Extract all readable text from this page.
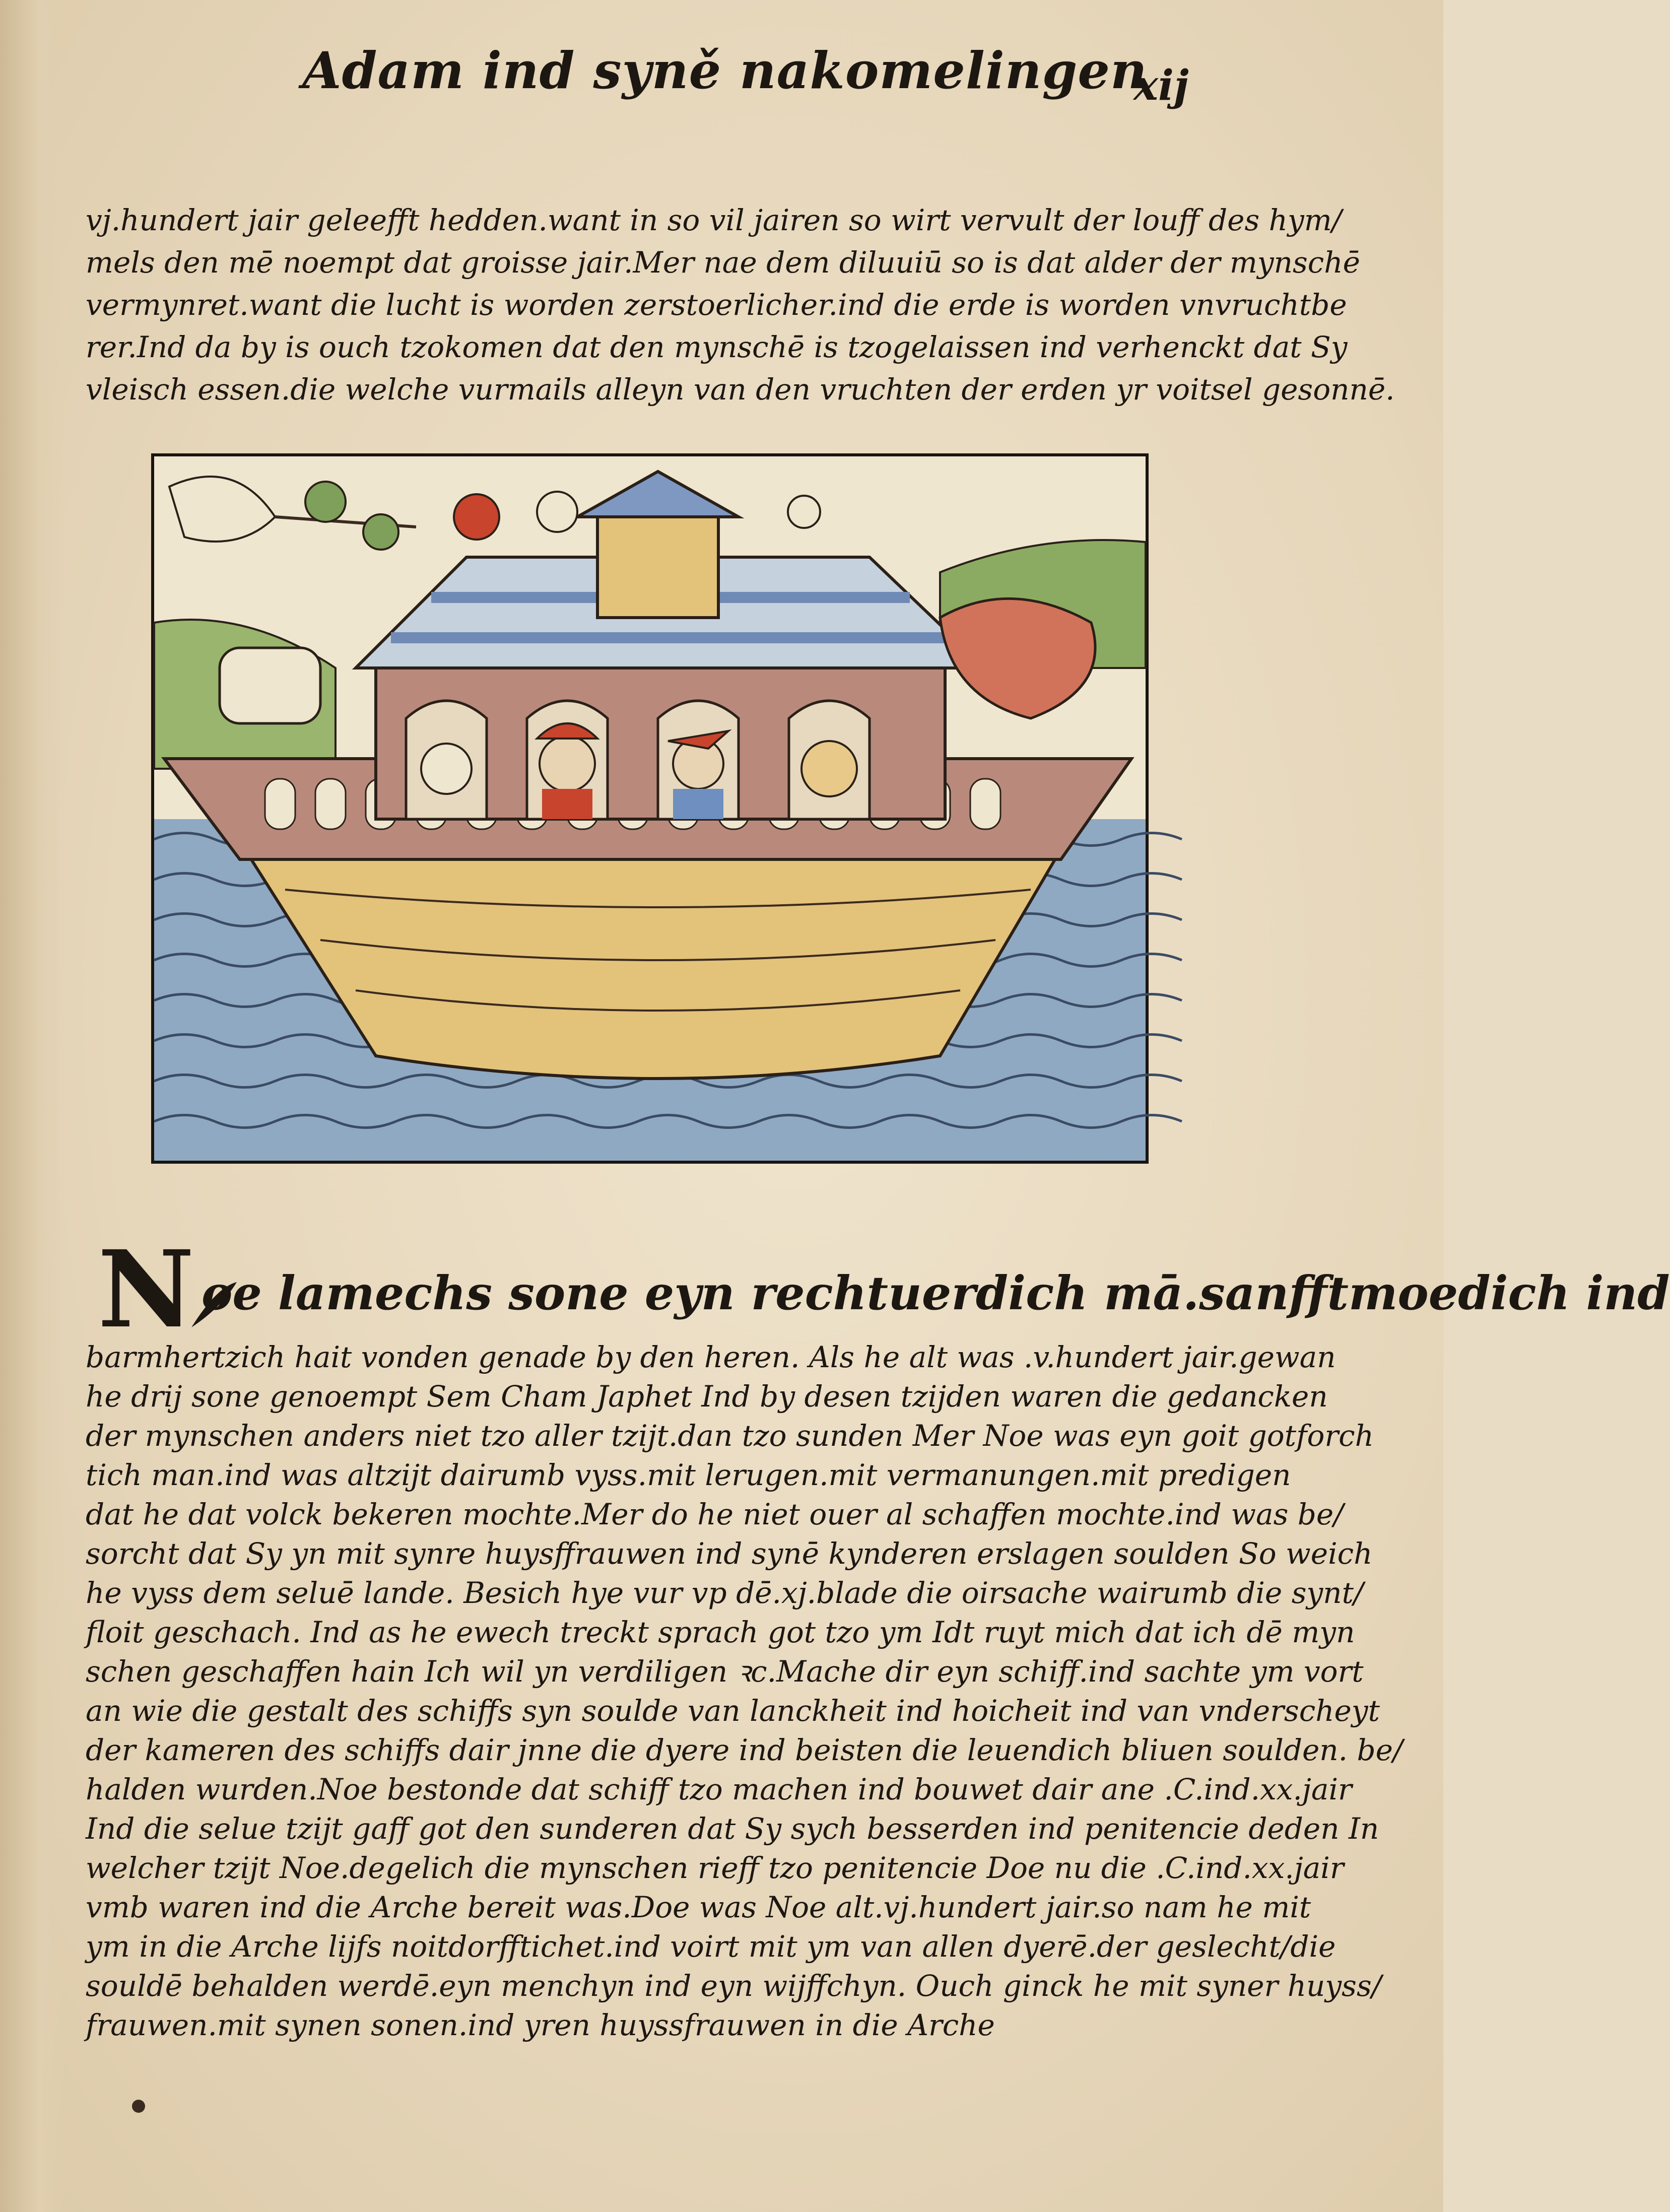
Adam ind syně nakomelingen
xij
vj.hundert jair geleefft hedden.want in so vil jairen so wirt vervult der louff des hym/
mels den mē noempt dat groisse jair.Mer nae dem diluuiū so is dat alder der mynschē
vermynret.want die lucht is worden zerstoerlicher.ind die erde is worden vnvruchtbe
rer.Ind da by is ouch tzokomen dat den mynschē is tzogelaissen ind verhenckt dat Sy
vleisch essen.die welche vurmails alleyn van den vruchten der erden yr voitsel gesonnē.
N oe lamechs sone eyn rechtuerdich mā.sanfftmoedich ind
barmhertzich hait vonden genade by den heren. Als he alt was .v.hundert jair.gewan
he drij sone genoempt Sem Cham Japhet Ind by desen tzijden waren die gedancken
der mynschen anders niet tzo aller tzijt.dan tzo sunden Mer Noe was eyn goit gotforch
tich man.ind was altzijt dairumb vyss.mit lerugen.mit vermanungen.mit predigen
dat he dat volck bekeren mochte.Mer do he niet ouer al schaffen mochte.ind was be/
sorcht dat Sy yn mit synre huysffrauwen ind synē kynderen erslagen soulden So weich
he vyss dem seluē lande. Besich hye vur vp dē.xj.blade die oirsache wairumb die synt/
floit geschach. Ind as he ewech treckt sprach got tzo ym Idt ruyt mich dat ich dē myn
schen geschaffen hain Ich wil yn verdiligen ꝛc.Mache dir eyn schiff.ind sachte ym vort
an wie die gestalt des schiffs syn soulde van lanckheit ind hoicheit ind van vnderscheyt
der kameren des schiffs dair jnne die dyere ind beisten die leuendich bliuen soulden. be/
halden wurden.Noe bestonde dat schiff tzo machen ind bouwet dair ane .C.ind.xx.jair
Ind die selue tzijt gaff got den sunderen dat Sy sych besserden ind penitencie deden In
welcher tzijt Noe.degelich die mynschen rieff tzo penitencie Doe nu die .C.ind.xx.jair
vmb waren ind die Arche bereit was.Doe was Noe alt.vj.hundert jair.so nam he mit
ym in die Arche lijfs noitdorfftichet.ind voirt mit ym van allen dyerē.der geslecht/die
souldē behalden werdē.eyn menchyn ind eyn wijffchyn. Ouch ginck he mit syner huyss/
frauwen.mit synen sonen.ind yren huyssfrauwen in die Arche
